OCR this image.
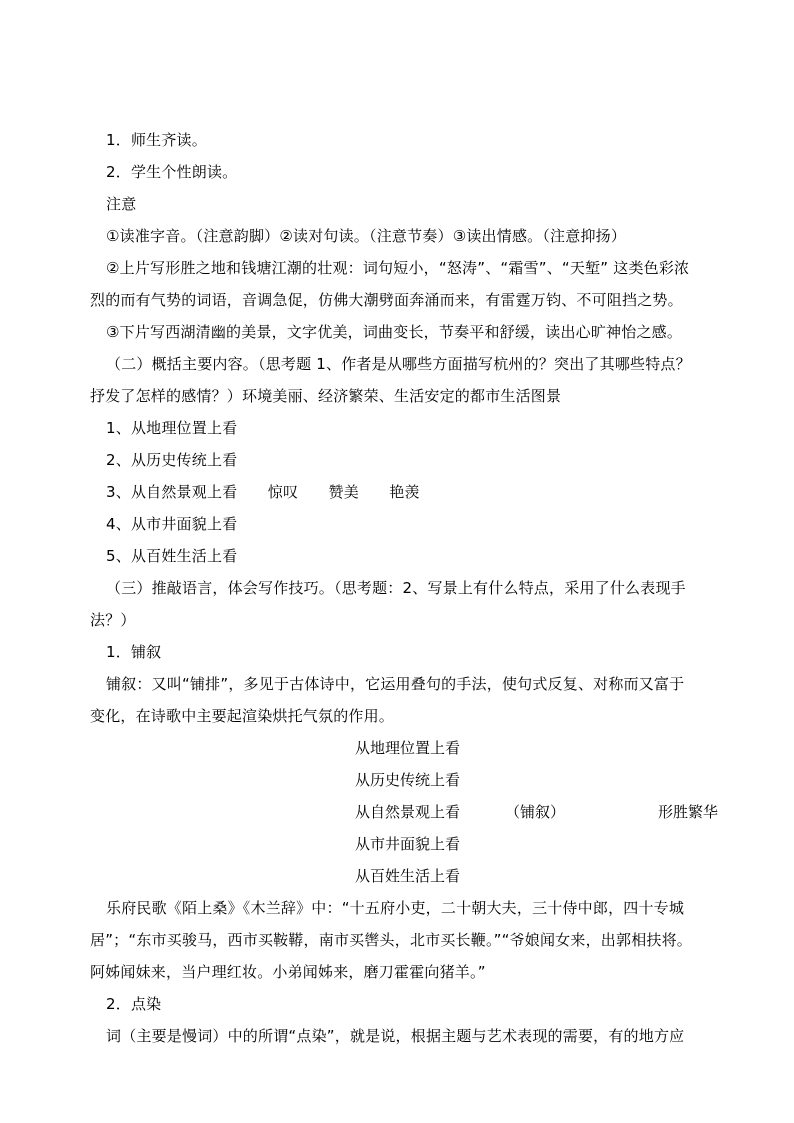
1．师生齐读。
2．学生个性朗读。
注意
①读准字音。（注意韵脚）②读对句读。（注意节奏）③读出情感。（注意抑扬）
②上片写形胜之地和钱塘江潮的壮观：词句短小，“怒涛”、“霜雪”、“天堑” 这类色彩浓
烈的而有气势的词语，音调急促，仿佛大潮劈面奔涌而来，有雷霆万钧、不可阻挡之势。
③下片写西湖清幽的美景，文字优美，词曲变长，节奏平和舒缓，读出心旷神怡之感。
（二）概括主要内容。（思考题 1、作者是从哪些方面描写杭州的？突出了其哪些特点？
抒发了怎样的感情？）环境美丽、经济繁荣、生活安定的都市生活图景
1、从地理位置上看
2、从历史传统上看
3、从自然景观上看　　惊叹　　赞美　　艳羡
4、从市井面貌上看
5、从百姓生活上看
（三）推敲语言，体会写作技巧。（思考题：2、写景上有什么特点，采用了什么表现手
法？）
1．铺叙
铺叙：又叫“铺排”，多见于古体诗中，它运用叠句的手法，使句式反复、对称而又富于
变化，在诗歌中主要起渲染烘托气氛的作用。
从地理位置上看
从历史传统上看
从自然景观上看	（铺叙）	形胜繁华
从市井面貌上看
从百姓生活上看
乐府民歌《陌上桑》《木兰辞》中：“十五府小吏，二十朝大夫，三十侍中郎，四十专城
居”；“东市买骏马，西市买鞍鞯，南市买辔头，北市买长鞭。”“爷娘闻女来，出郭相扶将。
阿姊闻妹来，当户理红妆。小弟闻姊来，磨刀霍霍向猪羊。”
2．点染
词（主要是慢词）中的所谓“点染”，就是说，根据主题与艺术表现的需要，有的地方应
